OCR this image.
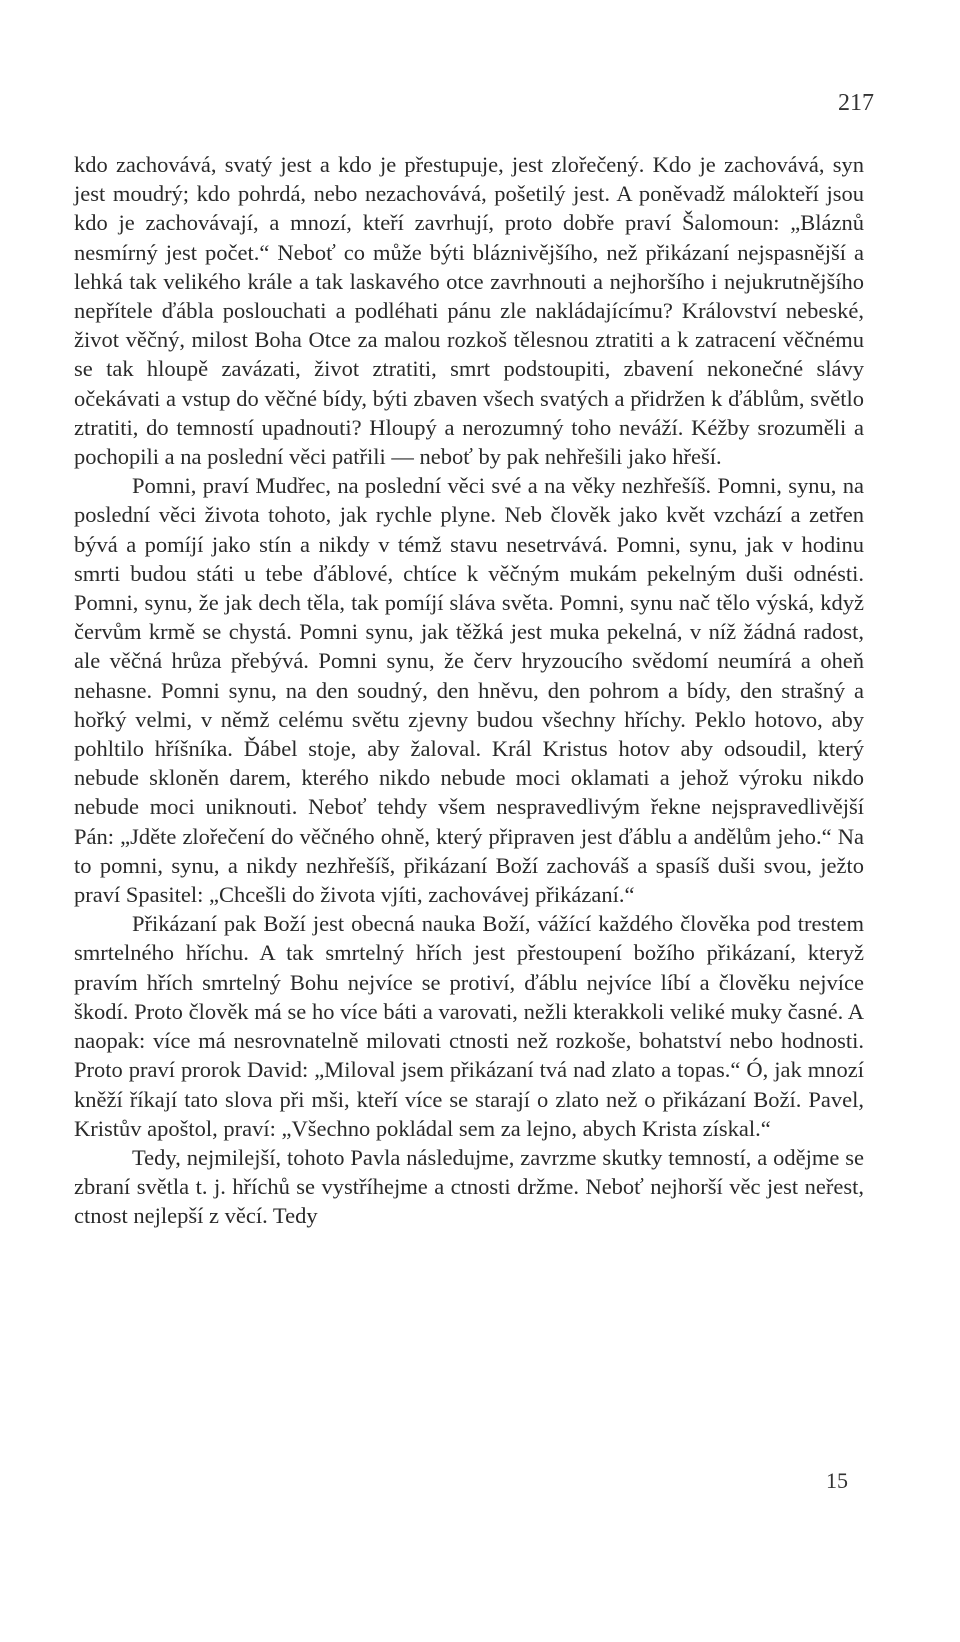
217

kdo zachovává, svatý jest a kdo je přestupuje, jest zlořečený. Kdo je zachovává, syn jest moudrý; kdo pohrdá, nebo nezachovává, pošetilý jest. A poněvadž málokteří jsou kdo je zachovávají, a mnozí, kteří zavrhují, proto dobře praví Šalomoun: „Bláznů nesmírný jest počet.“ Neboť co může býti bláznivějšího, než přikázaní nejspasnější a lehká tak velikého krále a tak laskavého otce zavrhnouti a nejhoršího i nejukrutnějšího nepřítele ďábla poslouchati a podléhati pánu zle nakládajícímu? Království nebeské, život věčný, milost Boha Otce za malou rozkoš tělesnou ztratiti a k zatracení věčnému se tak hloupě zavázati, život ztratiti, smrt podstoupiti, zbavení nekonečné slávy očekávati a vstup do věčné bídy, býti zbaven všech svatých a přidržen k ďáblům, světlo ztratiti, do temností upadnouti? Hloupý a nerozumný toho neváží. Kéžby srozuměli a pochopili a na poslední věci patřili — neboť by pak nehřešili jako hřeší.

Pomni, praví Mudřec, na poslední věci své a na věky nezhřešíš. Pomni, synu, na poslední věci života tohoto, jak rychle plyne. Neb člověk jako květ vzchází a zetřen bývá a pomíjí jako stín a nikdy v témž stavu nesetrvává. Pomni, synu, jak v hodinu smrti budou státi u tebe ďáblové, chtíce k věčným mukám pekelným duši odnésti. Pomni, synu, že jak dech těla, tak pomíjí sláva světa. Pomni, synu nač tělo výská, když červům krmě se chystá. Pomni synu, jak těžká jest muka pekelná, v níž žádná radost, ale věčná hrůza přebývá. Pomni synu, že červ hryzoucího svědomí neumírá a oheň nehasne. Pomni synu, na den soudný, den hněvu, den pohrom a bídy, den strašný a hořký velmi, v němž celému světu zjevny budou všechny hříchy. Peklo hotovo, aby pohltilo hříšníka. Ďábel stoje, aby žaloval. Král Kristus hotov aby odsoudil, který nebude skloněn darem, kterého nikdo nebude moci oklamati a jehož výroku nikdo nebude moci uniknouti. Neboť tehdy všem nespravedlivým řekne nejspravedlivější Pán: „Jděte zlořečení do věčného ohně, který připraven jest ďáblu a andělům jeho.“ Na to pomni, synu, a nikdy nezhřešíš, přikázaní Boží zachováš a spasíš duši svou, ježto praví Spasitel: „Chcešli do života vjíti, zachovávej přikázaní.“

Přikázaní pak Boží jest obecná nauka Boží, vážící každého člověka pod trestem smrtelného hříchu. A tak smrtelný hřích jest přestoupení božího přikázaní, kteryž pravím hřích smrtelný Bohu nejvíce se protiví, ďáblu nejvíce líbí a člověku nejvíce škodí. Proto člověk má se ho více báti a varovati, nežli kterakkoli veliké muky časné. A naopak: více má nesrovnatelně milovati ctnosti než rozkoše, bohatství nebo hodnosti. Proto praví prorok David: „Miloval jsem přikázaní tvá nad zlato a topas.“ Ó, jak mnozí kněží říkají tato slova při mši, kteří více se starají o zlato než o přikázaní Boží. Pavel, Kristův apoštol, praví: „Všechno pokládal sem za lejno, abych Krista získal.“

Tedy, nejmilejší, tohoto Pavla následujme, zavrzme skutky temností, a oděјme se zbraní světla t. j. hříchů se vystříhejme a ctnosti držme. Neboť nejhorší věc jest neřest, ctnost nejlepší z věcí. Tedy

15
